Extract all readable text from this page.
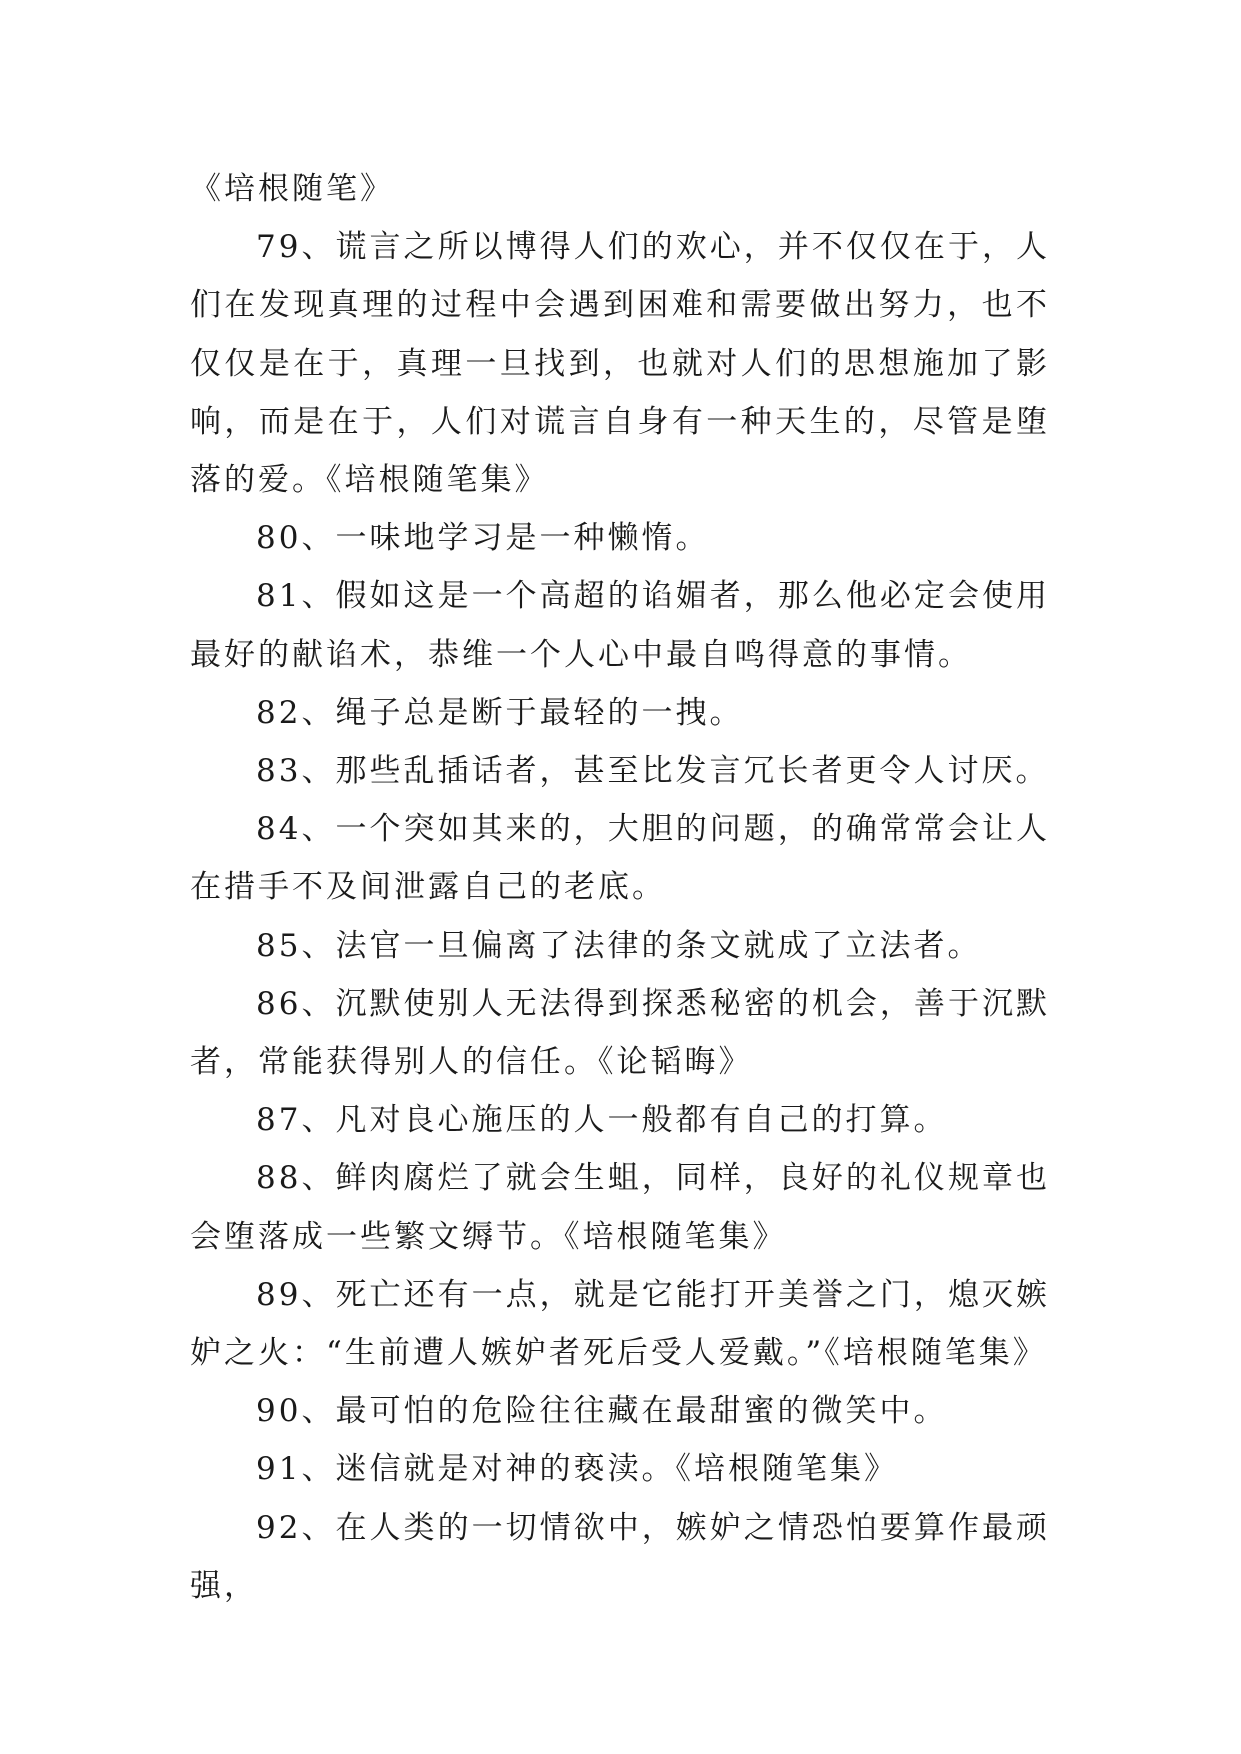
《培根随笔》

79、谎言之所以博得人们的欢心，并不仅仅在于，人们在发现真理的过程中会遇到困难和需要做出努力，也不仅仅是在于，真理一旦找到，也就对人们的思想施加了影响，而是在于，人们对谎言自身有一种天生的，尽管是堕落的爱。《培根随笔集》

80、一味地学习是一种懒惰。

81、假如这是一个高超的谄媚者，那么他必定会使用最好的献谄术，恭维一个人心中最自鸣得意的事情。

82、绳子总是断于最轻的一拽。

83、那些乱插话者，甚至比发言冗长者更令人讨厌。

84、一个突如其来的，大胆的问题，的确常常会让人在措手不及间泄露自己的老底。

85、法官一旦偏离了法律的条文就成了立法者。

86、沉默使别人无法得到探悉秘密的机会，善于沉默者，常能获得别人的信任。《论韬晦》

87、凡对良心施压的人一般都有自己的打算。

88、鲜肉腐烂了就会生蛆，同样，良好的礼仪规章也会堕落成一些繁文缛节。《培根随笔集》

89、死亡还有一点，就是它能打开美誉之门，熄灭嫉妒之火：“生前遭人嫉妒者死后受人爱戴。”《培根随笔集》

90、最可怕的危险往往藏在最甜蜜的微笑中。

91、迷信就是对神的亵渎。《培根随笔集》

92、在人类的一切情欲中，嫉妒之情恐怕要算作最顽强，
